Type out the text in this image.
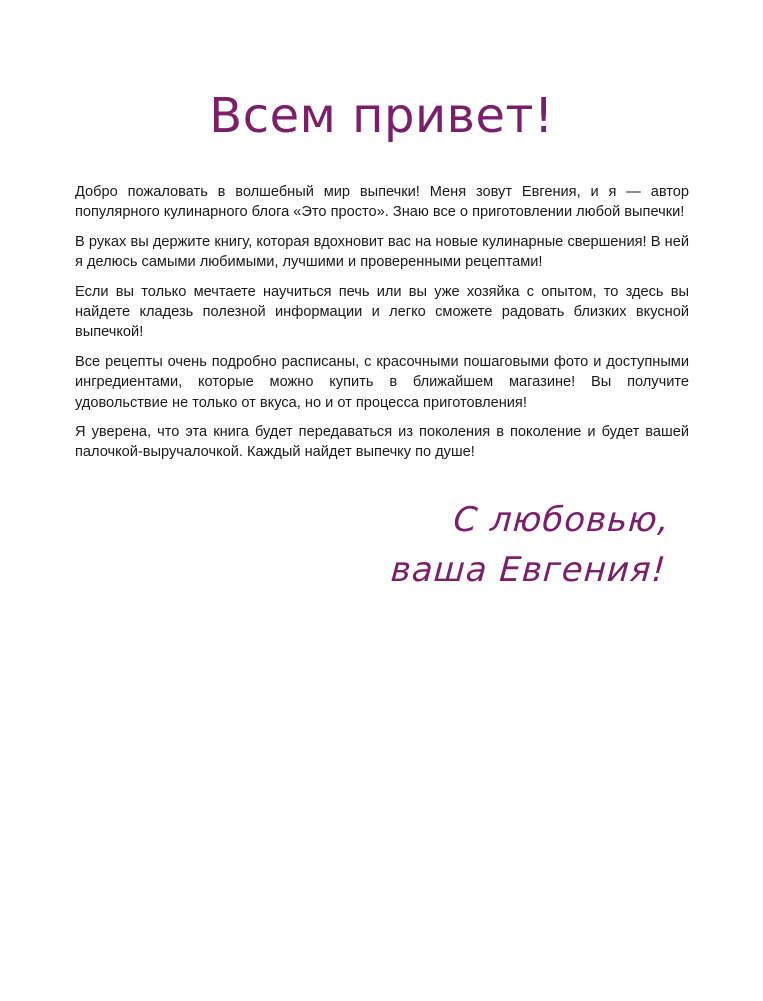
Всем привет!

Добро пожаловать в волшебный мир выпечки! Меня зовут Евгения, и я — автор популярного кулинарного блога «Это просто». Знаю все о приготовлении любой выпечки!

В руках вы держите книгу, которая вдохновит вас на новые кулинарные свершения! В ней я делюсь самыми любимыми, лучшими и проверенными рецептами!

Если вы только мечтаете научиться печь или вы уже хозяйка с опытом, то здесь вы найдете кладезь полезной информации и легко сможете радовать близких вкусной выпечкой!

Все рецепты очень подробно расписаны, с красочными пошаговыми фото и доступными ингредиентами, которые можно купить в ближайшем магазине! Вы получите удовольствие не только от вкуса, но и от процесса приготовления!

Я уверена, что эта книга будет передаваться из поколения в поколение и будет вашей палочкой-выручалочкой. Каждый найдет выпечку по душе!

С любовью,
ваша Евгения!
